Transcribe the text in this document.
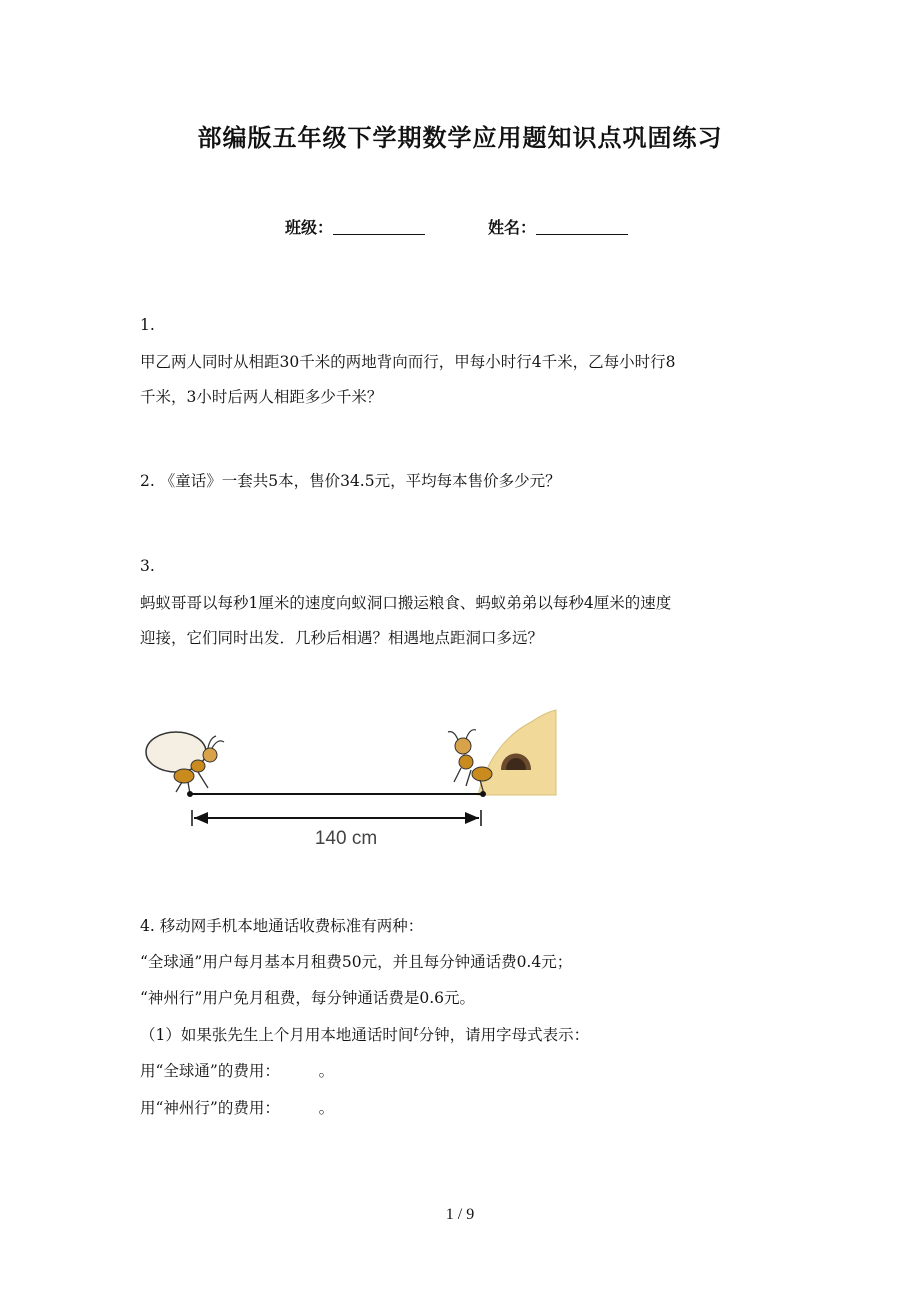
部编版五年级下学期数学应用题知识点巩固练习
班级：	姓名：
1.
甲乙两人同时从相距30千米的两地背向而行，甲每小时行4千米，乙每小时行8
千米，3小时后两人相距多少千米？
2. 《童话》一套共5本，售价34.5元，平均每本售价多少元？
3.
蚂蚁哥哥以每秒1厘米的速度向蚁洞口搬运粮食、蚂蚁弟弟以每秒4厘米的速度
迎接，它们同时出发．几秒后相遇？相遇地点距洞口多远？
140 cm
4. 移动网手机本地通话收费标准有两种：
“全球通”用户每月基本月租费50元，并且每分钟通话费0.4元；
“神州行”用户免月租费，每分钟通话费是0.6元。
（1）如果张先生上个月用本地通话时间$^t$分钟，请用字母式表示：
用“全球通”的费用：　　　。
用“神州行”的费用：　　　。
1 / 9
